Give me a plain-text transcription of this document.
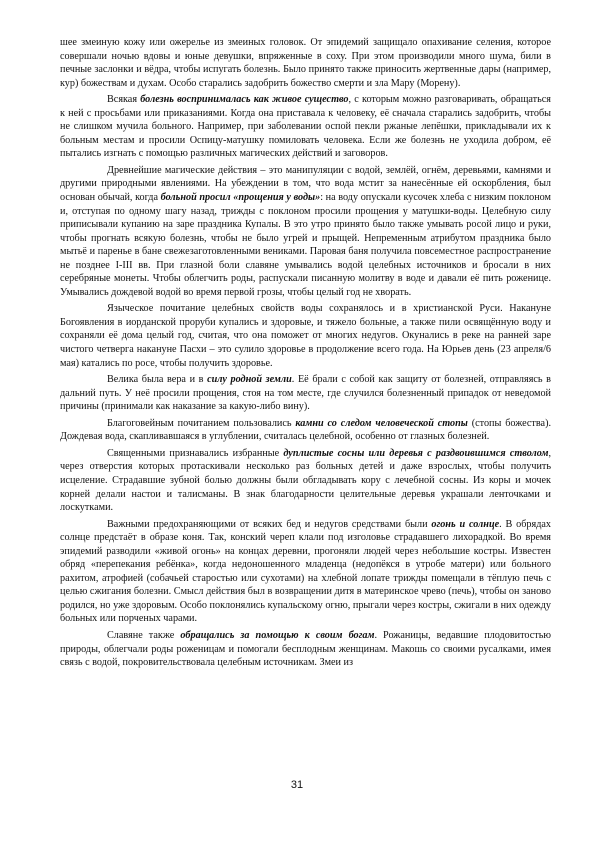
шее змеиную кожу или ожерелье из змеиных головок. От эпидемий защищало опахивание селения, которое совершали ночью вдовы и юные девушки, впряженные в соху. При этом производили много шума, били в печные заслонки и вёдра, чтобы испугать болезнь. Было принято также приносить жертвенные дары (например, кур) божествам и духам. Особо старались задобрить божество смерти и зла Мару (Морену).

Всякая болезнь воспринималась как живое существо, с которым можно разговаривать, обращаться к ней с просьбами или приказаниями. Когда она приставала к человеку, её сначала старались задобрить, чтобы не слишком мучила больного. Например, при заболевании оспой пекли ржаные лепёшки, прикладывали их к больным местам и просили Оспицу-матушку помиловать человека. Если же болезнь не уходила добром, её пытались изгнать с помощью различных магических действий и заговоров.

Древнейшие магические действия – это манипуляции с водой, землёй, огнём, деревьями, камнями и другими природными явлениями. На убеждении в том, что вода мстит за нанесённые ей оскорбления, был основан обычай, когда больной просил «прощения у воды»: на воду опускали кусочек хлеба с низким поклоном и, отступая по одному шагу назад, трижды с поклоном просили прощения у матушки-воды. Целебную силу приписывали купанию на заре праздника Купалы. В это утро принято было также умывать росой лицо и руки, чтобы прогнать всякую болезнь, чтобы не было угрей и прыщей. Непременным атрибутом праздника было мытьё и паренье в бане свежезаготовленными вениками. Паровая баня получила повсеместное распространение не позднее I-III вв. При глазной боли славяне умывались водой целебных источников и бросали в них серебряные монеты. Чтобы облегчить роды, распускали писанную молитву в воде и давали её пить роженице. Умывались дождевой водой во время первой грозы, чтобы целый год не хворать.

Языческое почитание целебных свойств воды сохранялось и в христианской Руси. Накануне Богоявления в иорданской проруби купались и здоровые, и тяжело больные, а также пили освящённую воду и сохраняли её дома целый год, считая, что она поможет от многих недугов. Окунались в реке на ранней заре чистого четверга накануне Пасхи – это сулило здоровье в продолжение всего года. На Юрьев день (23 апреля/6 мая) катались по росе, чтобы получить здоровье.

Велика была вера и в силу родной земли. Её брали с собой как защиту от болезней, отправляясь в дальний путь. У неё просили прощения, стоя на том месте, где случился болезненный припадок от неведомой причины (принимали как наказание за какую-либо вину).

Благоговейным почитанием пользовались камни со следом человеческой стопы (стопы божества). Дождевая вода, скапливавшаяся в углублении, считалась целебной, особенно от глазных болезней.

Священными признавались избранные дуплистые сосны или деревья с раздвоившимся стволом, через отверстия которых протаскивали несколько раз больных детей и даже взрослых, чтобы получить исцеление. Страдавшие зубной болью должны были обгладывать кору с лечебной сосны. Из коры и мочек корней делали настои и талисманы. В знак благодарности целительные деревья украшали ленточками и лоскутками.

Важными предохраняющими от всяких бед и недугов средствами были огонь и солнце. В обрядах солнце предстаёт в образе коня. Так, конский череп клали под изголовье страдавшего лихорадкой. Во время эпидемий разводили «живой огонь» на концах деревни, прогоняли людей через небольшие костры. Известен обряд «перепекания ребёнка», когда недоношенного младенца (недопёкся в утробе матери) или больного рахитом, атрофией (собачьей старостью или сухотами) на хлебной лопате трижды помещали в тёплую печь с целью сжигания болезни. Смысл действия был в возвращении дитя в материнское чрево (печь), чтобы он заново родился, но уже здоровым. Особо поклонялись купальскому огню, прыгали через костры, сжигали в них одежду больных или порченых чарами.

Славяне также обращались за помощью к своим богам. Рожаницы, ведавшие плодовитостью природы, облегчали роды роженицам и помогали бесплодным женщинам. Макошь со своими русалками, имея связь с водой, покровительствовала целебным источникам. Змеи из

31
